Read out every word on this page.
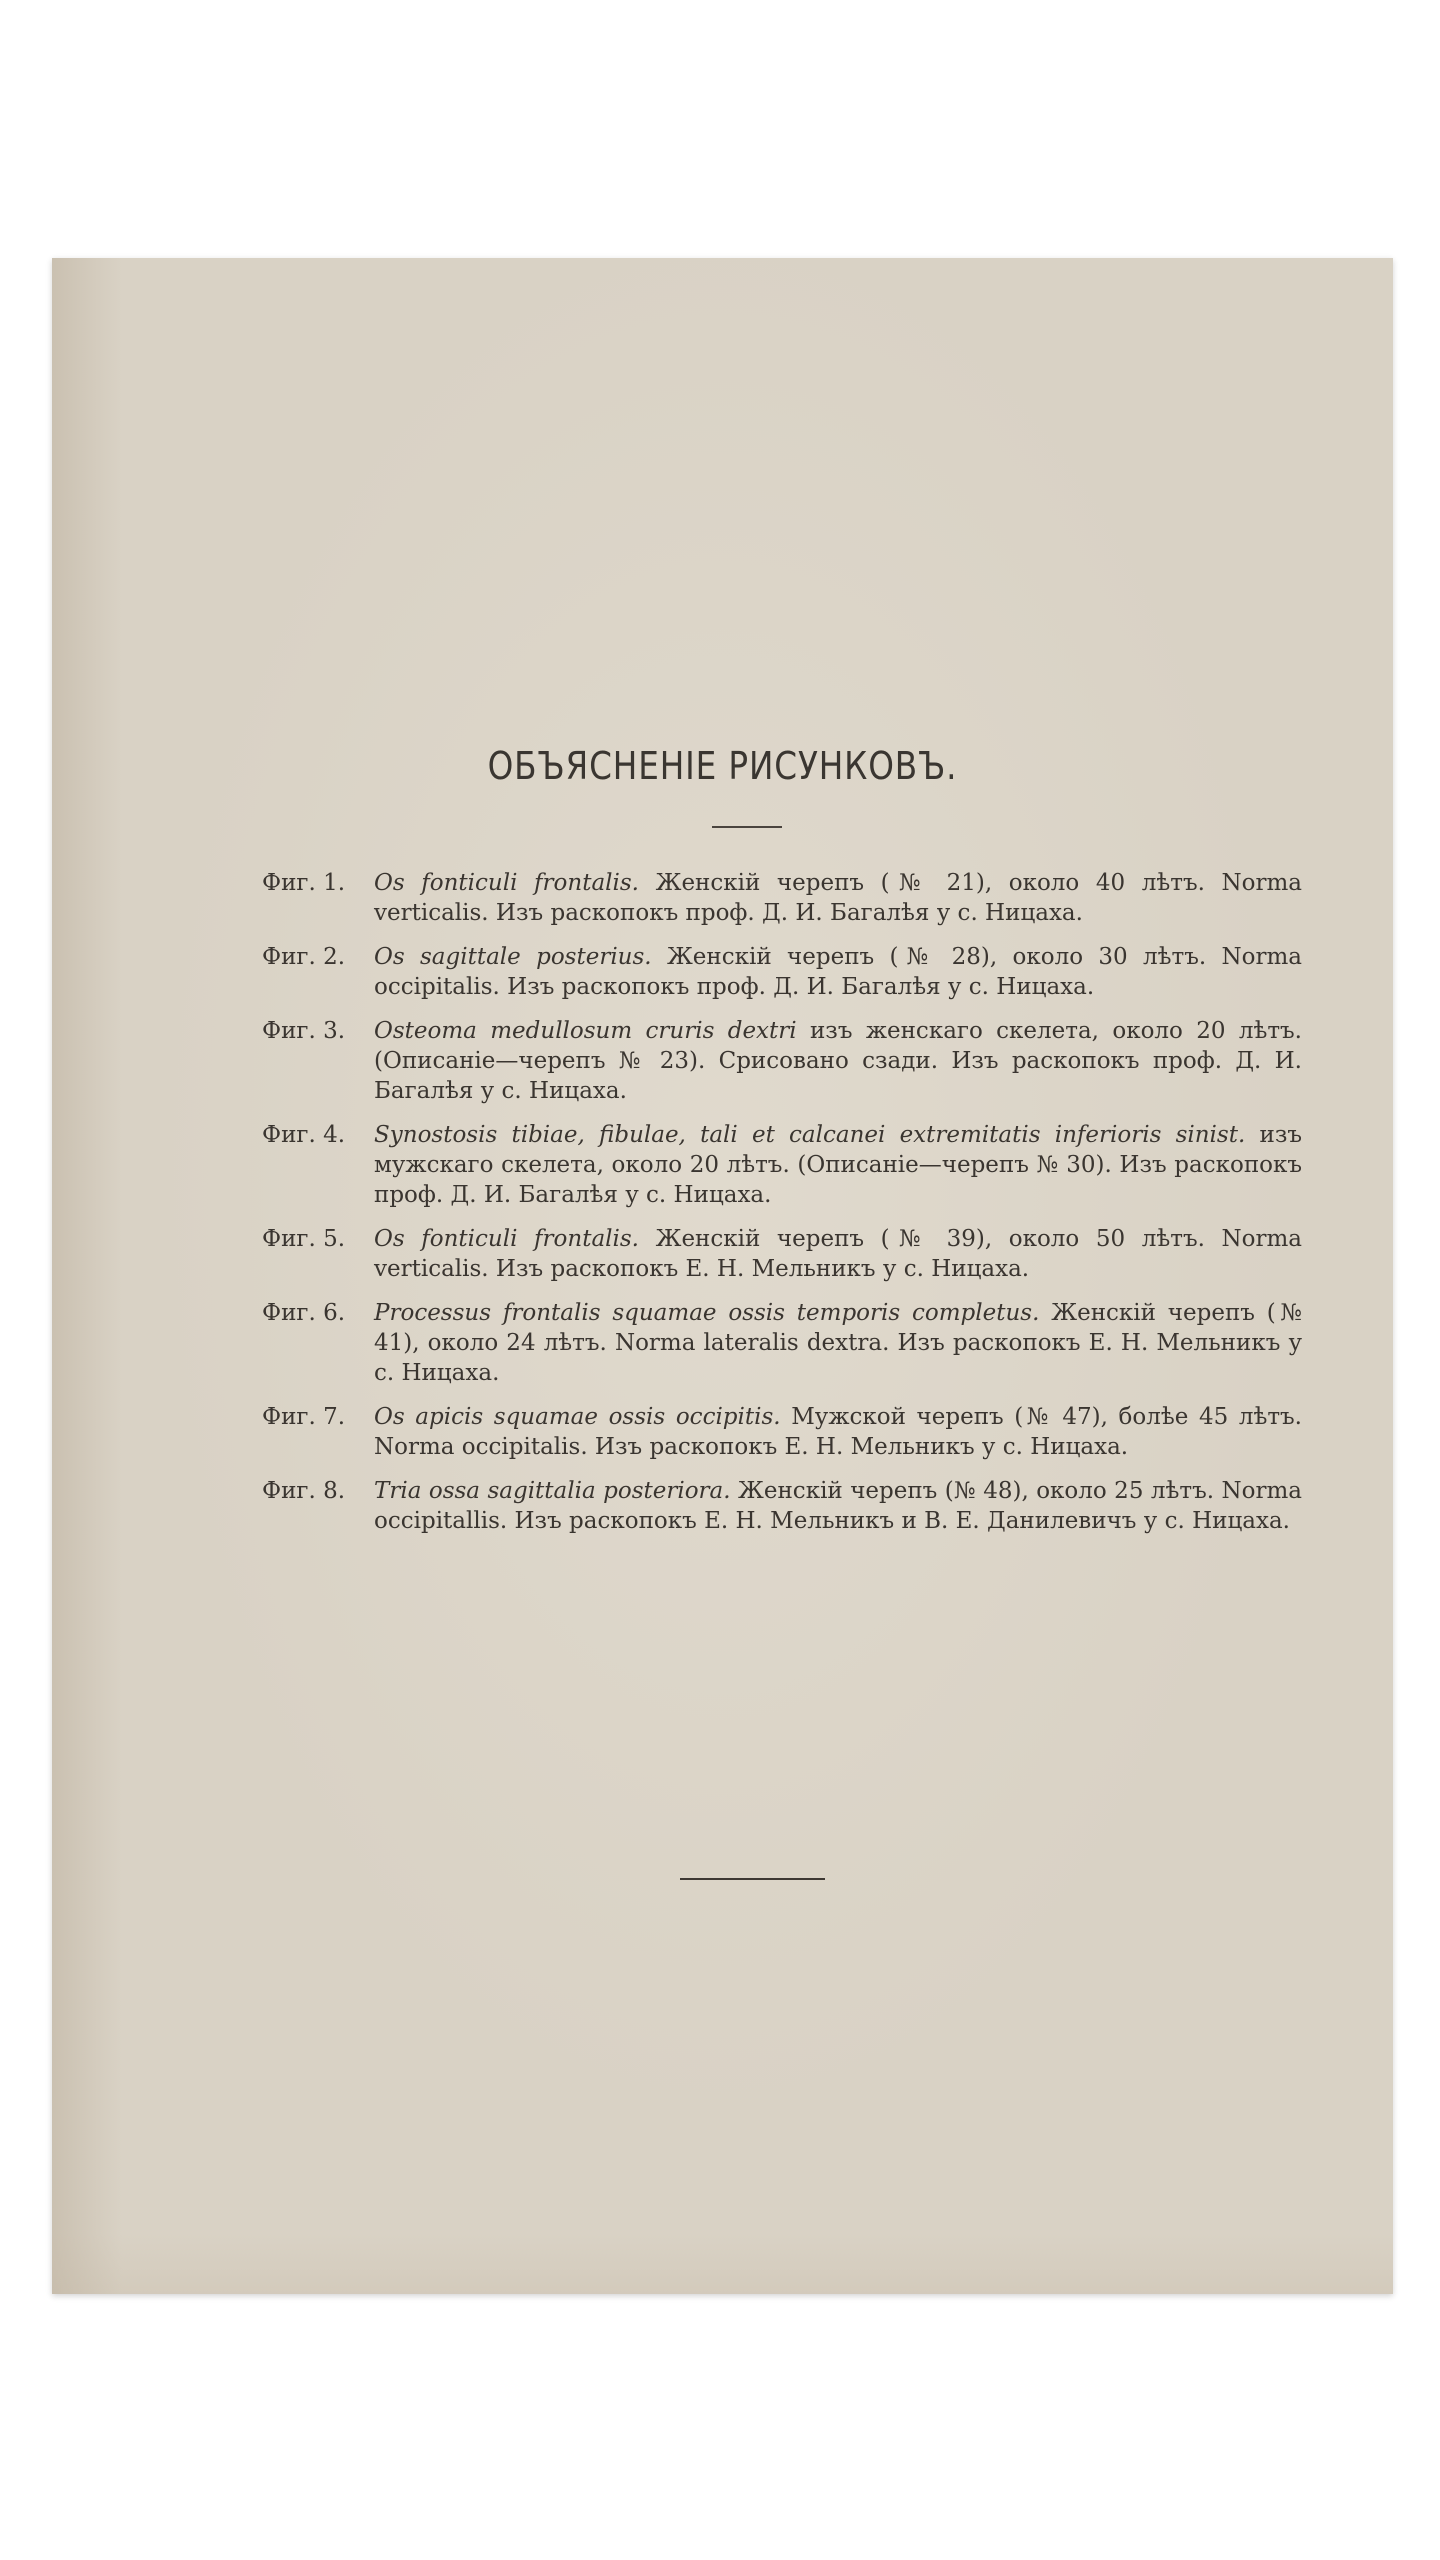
ОБЪЯСНЕНІЕ РИСУНКОВЪ.
Фиг. 1.	Os fonticuli frontalis. Женскій черепъ (№ 21), около 40 лѣтъ. Norma verticalis. Изъ раскопокъ проф. Д. И. Багалѣя у с. Ницаха.
Фиг. 2.	Os sagittale posterius. Женскій черепъ (№ 28), около 30 лѣтъ. Norma occipitalis. Изъ раскопокъ проф. Д. И. Багалѣя у с. Ницаха.
Фиг. 3.	Osteoma medullosum cruris dextri изъ женскаго скелета, около 20 лѣтъ. (Описаніе—черепъ № 23). Срисовано сзади. Изъ раскопокъ проф. Д. И. Багалѣя у с. Ницаха.
Фиг. 4.	Synostosis tibiae, fibulae, tali et calcanei extremitatis inferioris sinist. изъ мужскаго скелета, около 20 лѣтъ. (Описаніе—черепъ № 30). Изъ раскопокъ проф. Д. И. Багалѣя у с. Ницаха.
Фиг. 5.	Os fonticuli frontalis. Женскій черепъ (№ 39), около 50 лѣтъ. Norma verticalis. Изъ раскопокъ Е. Н. Мельникъ у с. Ницаха.
Фиг. 6.	Processus frontalis squamae ossis temporis completus. Женскій черепъ (№ 41), около 24 лѣтъ. Norma lateralis dextra. Изъ раскопокъ Е. Н. Мельникъ у с. Ницаха.
Фиг. 7.	Os apicis squamae ossis occipitis. Мужской черепъ (№ 47), болѣе 45 лѣтъ. Norma occipitalis. Изъ раскопокъ Е. Н. Мельникъ у с. Ницаха.
Фиг. 8.	Tria ossa sagittalia posteriora. Женскій черепъ (№ 48), около 25 лѣтъ. Norma occipitallis. Изъ раскопокъ Е. Н. Мельникъ и В. Е. Данилевичъ у с. Ницаха.
